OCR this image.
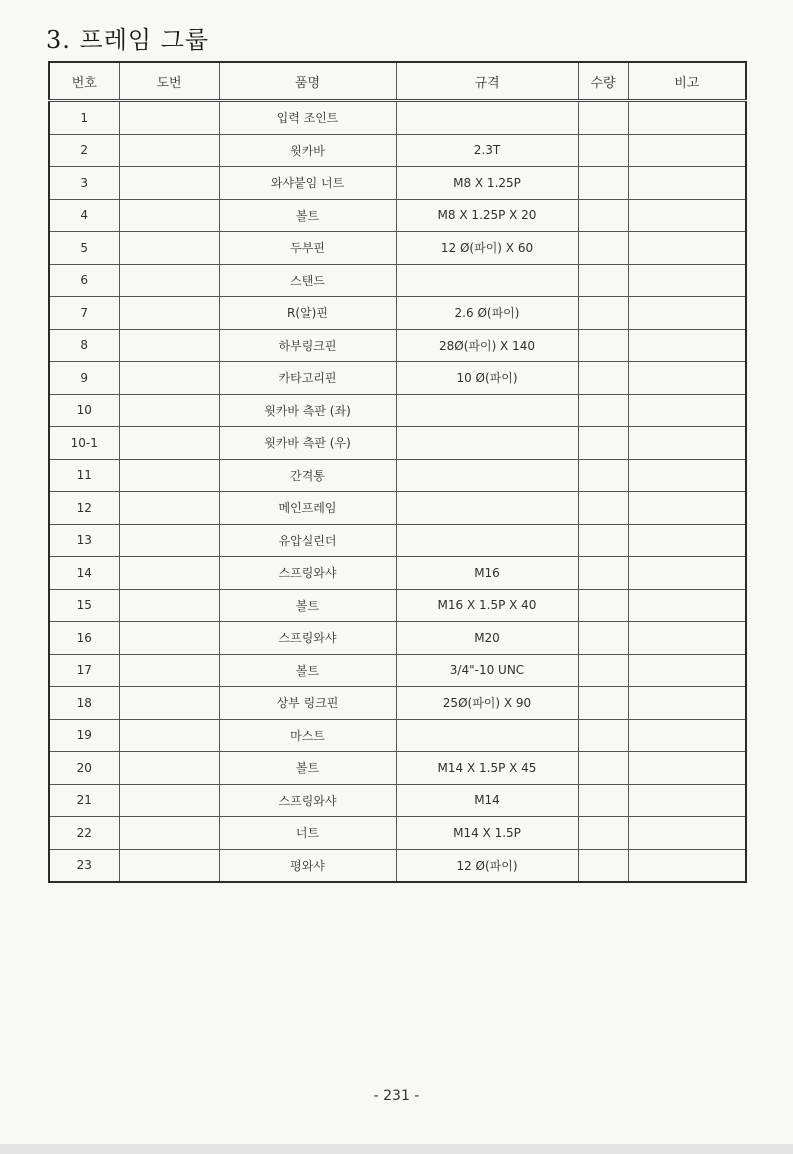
3. 프레임 그룹
번호	도번	품명	규격	수량	비고
1		입력 조인트			
2		윗카바	2.3T		
3		와샤붙임 너트	M8 X 1.25P		
4		볼트	M8 X 1.25P X 20		
5		두부핀	12 Ø(파이) X 60		
6		스탠드			
7		R(알)핀	2.6 Ø(파이)		
8		하부링크핀	28Ø(파이) X 140		
9		카타고리핀	10 Ø(파이)		
10		윗카바 측판 (좌)			
10-1		윗카바 측판 (우)			
11		간격통			
12		메인프레임			
13		유압실린더			
14		스프링와샤	M16		
15		볼트	M16 X 1.5P X 40		
16		스프링와샤	M20		
17		볼트	3/4"-10 UNC		
18		상부 링크핀	25Ø(파이) X 90		
19		마스트			
20		볼트	M14 X 1.5P X 45		
21		스프링와샤	M14		
22		너트	M14 X 1.5P		
23		평와샤	12 Ø(파이)		
- 231 -
